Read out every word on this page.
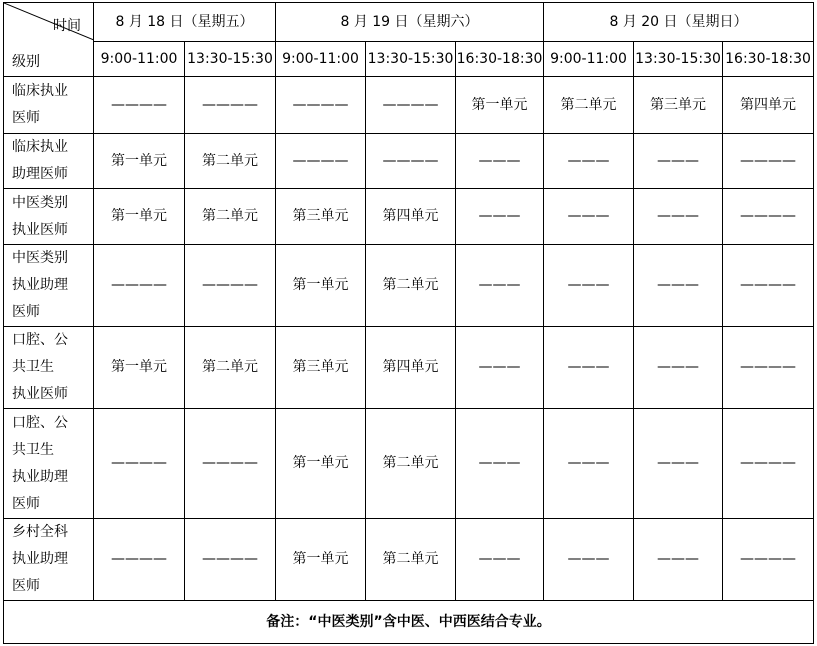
时间
级别	8 月 18 日（星期五）		8 月 19 日（星期六）			8 月 20 日（星期日）		
	9:00-11:00	13:30-15:30	9:00-11:00	13:30-15:30	16:30-18:30	9:00-11:00	13:30-15:30	16:30-18:30

临床执业
医师	————	————	————	————	第一单元	第二单元	第三单元	第四单元

临床执业
助理医师	第一单元	第二单元	————	————	———	———	———	————

中医类别
执业医师	第一单元	第二单元	第三单元	第四单元	———	———	———	————

中医类别
执业助理
医师	————	————	第一单元	第二单元	———	———	———	————

口腔、公
共卫生
执业医师	第一单元	第二单元	第三单元	第四单元	———	———	———	————

口腔、公
共卫生
执业助理
医师	————	————	第一单元	第二单元	———	———	———	————

乡村全科
执业助理
医师	————	————	第一单元	第二单元	———	———	———	————
备注：“中医类别”含中医、中西医结合专业。								
